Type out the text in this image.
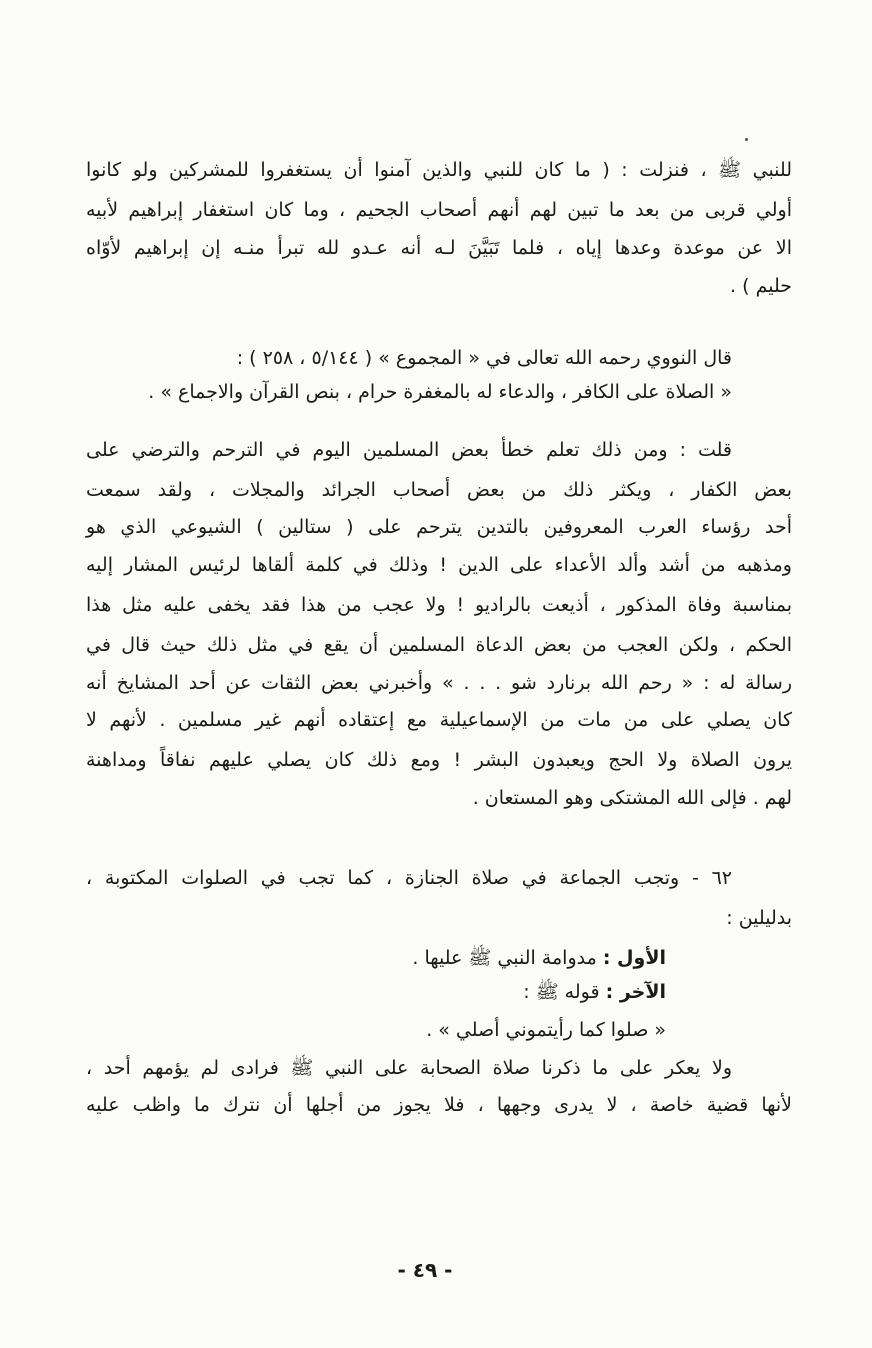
للنبي ﷺ ، فنزلت : ( ما كان للنبي والذين آمنوا أن يستغفروا للمشركين ولو كانوا
أولي قربى من بعد ما تبين لهم أنهم أصحاب الجحيم ، وما كان استغفار إبراهيم لأبيه
الا عن موعدة وعدها إياه ، فلما تَبَيَّنَ لـه أنه عـدو لله تبرأ منـه إن إبراهيم لأوّاه
حليم ) .
قال النووي رحمه الله تعالى في « المجموع » ( ٥/١٤٤ ، ٢٥٨ ) :
« الصلاة على الكافر ، والدعاء له بالمغفرة حرام ، بنص القرآن والاجماع » .
قلت : ومن ذلك تعلم خطأ بعض المسلمين اليوم في الترحم والترضي على
بعض الكفار ، ويكثر ذلك من بعض أصحاب الجرائد والمجلات ، ولقد سمعت
أحد رؤساء العرب المعروفين بالتدين يترحم على ( ستالين ) الشيوعي الذي هو
ومذهبه من أشد وألد الأعداء على الدين ! وذلك في كلمة ألقاها لرئيس المشار إليه
بمناسبة وفاة المذكور ، أذيعت بالراديو ! ولا عجب من هذا فقد يخفى عليه مثل هذا
الحكم ، ولكن العجب من بعض الدعاة المسلمين أن يقع في مثل ذلك حيث قال في
رسالة له : « رحم الله برنارد شو . . . » وأخبرني بعض الثقات عن أحد المشايخ أنه
كان يصلي على من مات من الإسماعيلية مع إعتقاده أنهم غير مسلمين . لأنهم لا
يرون الصلاة ولا الحج ويعبدون البشر ! ومع ذلك كان يصلي عليهم نفاقاً ومداهنة
لهم . فإلى الله المشتكى وهو المستعان .
٦٢ - وتجب الجماعة في صلاة الجنازة ، كما تجب في الصلوات المكتوبة ،
بدليلين :
الأول : مدوامة النبي ﷺ عليها .
الآخر : قوله ﷺ :
« صلوا كما رأيتموني أصلي » .
ولا يعكر على ما ذكرنا صلاة الصحابة على النبي ﷺ فرادى لم يؤمهم أحد ،
لأنها قضية خاصة ، لا يدرى وجهها ، فلا يجوز من أجلها أن نترك ما واظب عليه
- ٤٩ -
